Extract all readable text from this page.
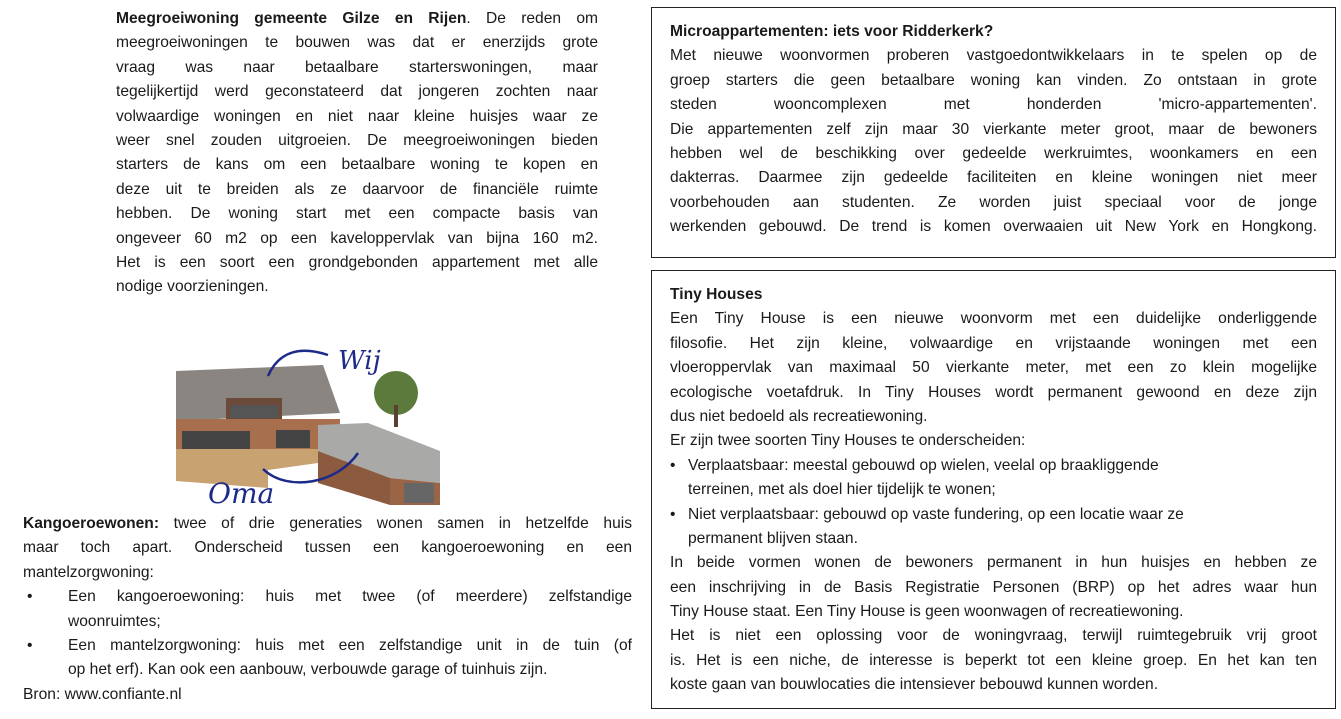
Meegroeiwoning gemeente Gilze en Rijen. De reden om
meegroeiwoningen te bouwen was dat er enerzijds grote
vraag was naar betaalbare starterswoningen, maar
tegelijkertijd werd geconstateerd dat jongeren zochten naar
volwaardige woningen en niet naar kleine huisjes waar ze
weer snel zouden uitgroeien. De meegroeiwoningen bieden
starters de kans om een betaalbare woning te kopen en
deze uit te breiden als ze daarvoor de financiële ruimte
hebben. De woning start met een compacte basis van
ongeveer 60 m2 op een kaveloppervlak van bijna 160 m2.
Het is een soort een grondgebonden appartement met alle
nodige voorzieningen.
Wij
Oma
Kangoeroewonen: twee of drie generaties wonen samen in hetzelfde huis
maar toch apart. Onderscheid tussen een kangoeroewoning en een
mantelzorgwoning:
• Een kangoeroewoning: huis met twee (of meerdere) zelfstandige
woonruimtes;
• Een mantelzorgwoning: huis met een zelfstandige unit in de tuin (of
op het erf). Kan ook een aanbouw, verbouwde garage of tuinhuis zijn.
Bron: www.confiante.nl
Microappartementen: iets voor Ridderkerk?
Met nieuwe woonvormen proberen vastgoedontwikkelaars in te spelen op de
groep starters die geen betaalbare woning kan vinden. Zo ontstaan in grote
steden wooncomplexen met honderden 'micro-appartementen'.
Die appartementen zelf zijn maar 30 vierkante meter groot, maar de bewoners
hebben wel de beschikking over gedeelde werkruimtes, woonkamers en een
dakterras. Daarmee zijn gedeelde faciliteiten en kleine woningen niet meer
voorbehouden aan studenten. Ze worden juist speciaal voor de jonge
werkenden gebouwd. De trend is komen overwaaien uit New York en Hongkong.
Tiny Houses
Een Tiny House is een nieuwe woonvorm met een duidelijke onderliggende
filosofie. Het zijn kleine, volwaardige en vrijstaande woningen met een
vloeroppervlak van maximaal 50 vierkante meter, met een zo klein mogelijke
ecologische voetafdruk. In Tiny Houses wordt permanent gewoond en deze zijn
dus niet bedoeld als recreatiewoning.
Er zijn twee soorten Tiny Houses te onderscheiden:
• Verplaatsbaar: meestal gebouwd op wielen, veelal op braakliggende
terreinen, met als doel hier tijdelijk te wonen;
• Niet verplaatsbaar: gebouwd op vaste fundering, op een locatie waar ze
permanent blijven staan.
In beide vormen wonen de bewoners permanent in hun huisjes en hebben ze
een inschrijving in de Basis Registratie Personen (BRP) op het adres waar hun
Tiny House staat. Een Tiny House is geen woonwagen of recreatiewoning.
Het is niet een oplossing voor de woningvraag, terwijl ruimtegebruik vrij groot
is. Het is een niche, de interesse is beperkt tot een kleine groep. En het kan ten
koste gaan van bouwlocaties die intensiever bebouwd kunnen worden.
